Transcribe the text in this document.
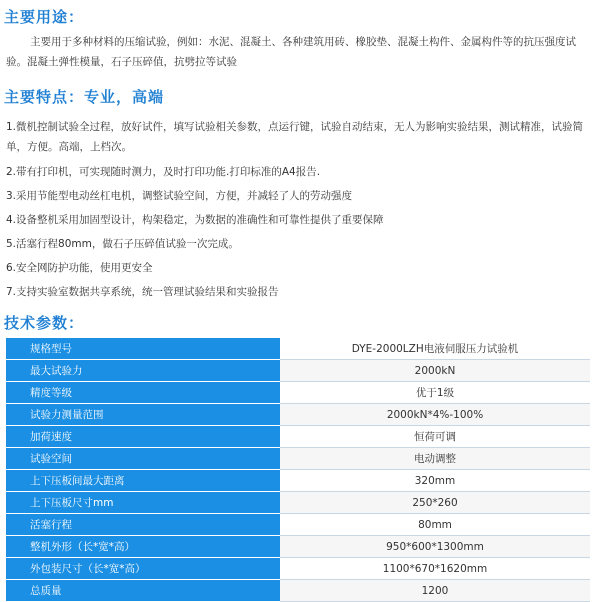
主要用途：
主要用于多种材料的压缩试验，例如：水泥、混凝土、各种建筑用砖、橡胶垫、混凝土构件、金属构件等的抗压强度试验。混凝土弹性模量，石子压碎值，抗劈拉等试验
主要特点：专业，高端
1.微机控制试验全过程，放好试件，填写试验相关参数，点运行键，试验自动结束，无人为影响实验结果，测试精准，试验简单，方便。高端，上档次。
2.带有打印机，可实现随时测力，及时打印功能.打印标准的A4报告.
3.采用节能型电动丝杠电机，调整试验空间，方便，并减轻了人的劳动强度
4.设备整机采用加固型设计，构架稳定，为数据的准确性和可靠性提供了重要保障
5.活塞行程80mm，做石子压碎值试验一次完成。
6.安全网防护功能，使用更安全
7.支持实验室数据共享系统，统一管理试验结果和实验报告
技术参数：
规格型号	DYE-2000LZH电液伺服压力试验机
最大试验力	2000kN
精度等级	优于1级
试验力测量范围	2000kN*4%-100%
加荷速度	恒荷可调
试验空间	电动调整
上下压板间最大距离	320mm
上下压板尺寸mm	250*260
活塞行程	80mm
整机外形（长*宽*高）	950*600*1300mm
外包装尺寸（长*宽*高）	1100*670*1620mm
总质量	1200
